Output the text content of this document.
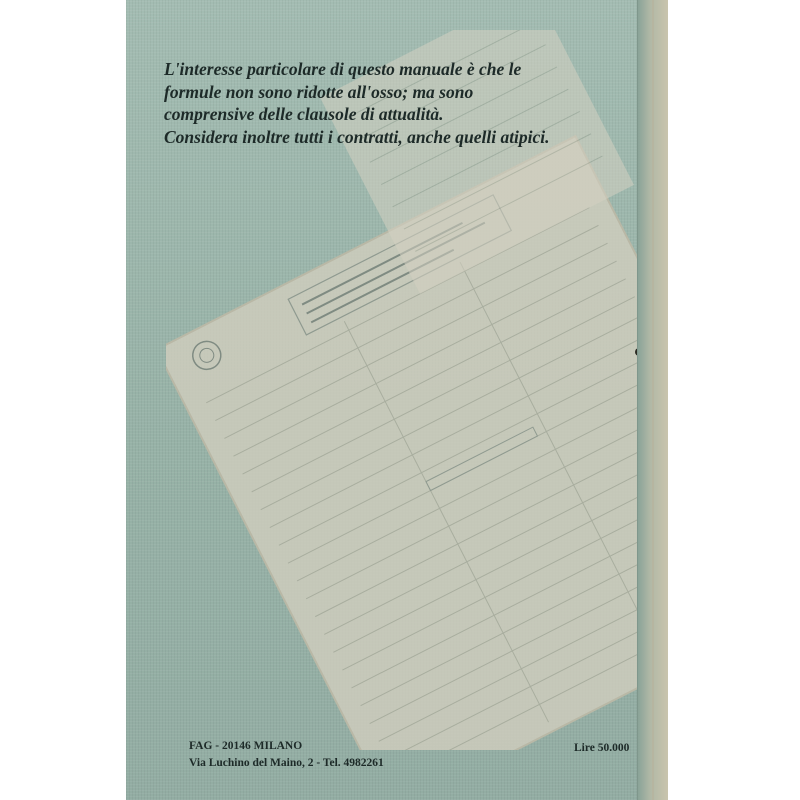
L'interesse particolare di questo manuale è che le
formule non sono ridotte all'osso; ma sono
comprensive delle clausole di attualità.
Considera inoltre tutti i contratti, anche quelli atipici.

FAG - 20146 MILANO
Via Luchino del Maino, 2 - Tel. 4982261
Lire 50.000
